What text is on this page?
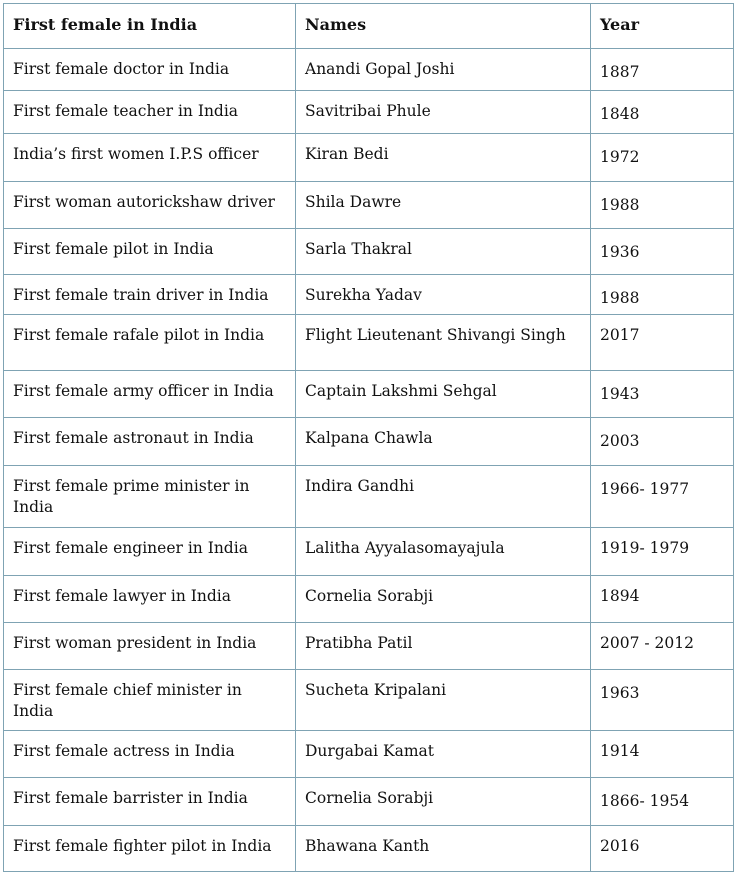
First female in India	Names	Year
First female doctor in India	Anandi Gopal Joshi	1887
First female teacher in India	Savitribai Phule	1848
India’s first women I.P.S officer	Kiran Bedi	1972
First woman autorickshaw driver	Shila Dawre	1988
First female pilot in India	Sarla Thakral	1936
First female train driver in India	Surekha Yadav	1988
First female rafale pilot in India	Flight Lieutenant Shivangi Singh	2017
First female army officer in India	Captain Lakshmi Sehgal	1943
First female astronaut in India	Kalpana Chawla	2003
First female prime minister in India	Indira Gandhi	1966- 1977
First female engineer in India	Lalitha Ayyalasomayajula	1919- 1979
First female lawyer in India	Cornelia Sorabji	1894
First woman president in India	Pratibha Patil	2007 - 2012
First female chief minister in India	Sucheta Kripalani	1963
First female actress in India	Durgabai Kamat	1914
First female barrister in India	Cornelia Sorabji	1866- 1954
First female fighter pilot in India	Bhawana Kanth	2016
